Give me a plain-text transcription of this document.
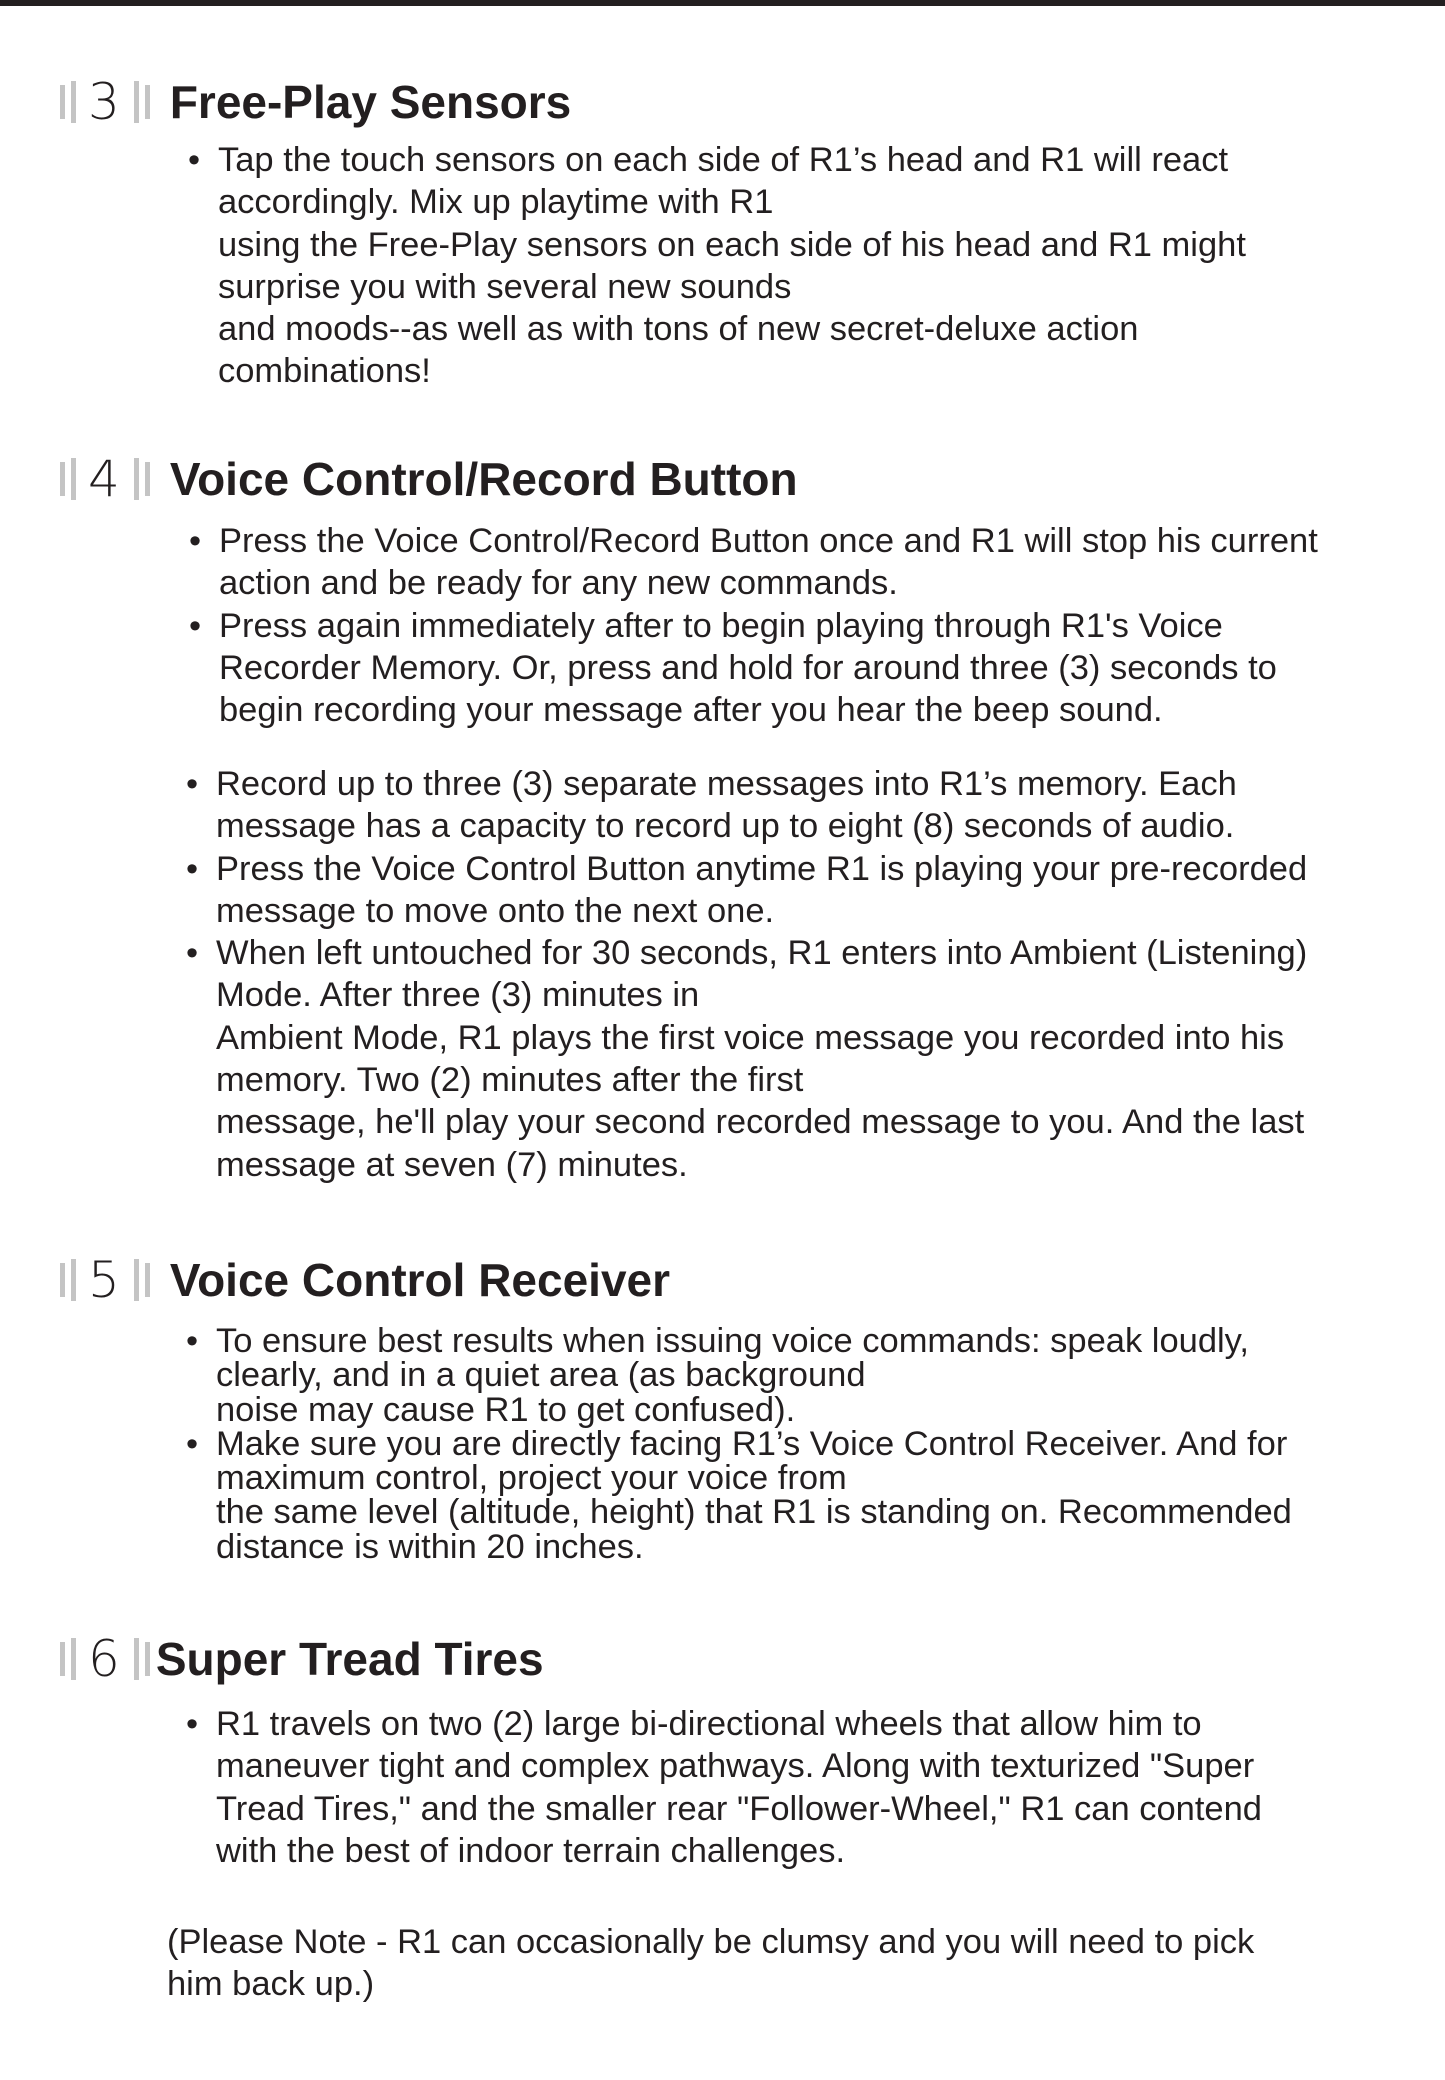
3 Free-Play Sensors
• Tap the touch sensors on each side of R1’s head and R1 will react
accordingly. Mix up playtime with R1
using the Free-Play sensors on each side of his head and R1 might
surprise you with several new sounds
and moods--as well as with tons of new secret-deluxe action
combinations!
4 Voice Control/Record Button
• Press the Voice Control/Record Button once and R1 will stop his current
action and be ready for any new commands.
• Press again immediately after to begin playing through R1's Voice
Recorder Memory. Or, press and hold for around three (3) seconds to
begin recording your message after you hear the beep sound.
• Record up to three (3) separate messages into R1’s memory. Each
message has a capacity to record up to eight (8) seconds of audio.
• Press the Voice Control Button anytime R1 is playing your pre-recorded
message to move onto the next one.
• When left untouched for 30 seconds, R1 enters into Ambient (Listening)
Mode. After three (3) minutes in
Ambient Mode, R1 plays the first voice message you recorded into his
memory. Two (2) minutes after the first
message, he'll play your second recorded message to you. And the last
message at seven (7) minutes.
5 Voice Control Receiver
• To ensure best results when issuing voice commands: speak loudly,
clearly, and in a quiet area (as background
noise may cause R1 to get confused).
• Make sure you are directly facing R1’s Voice Control Receiver. And for
maximum control, project your voice from
the same level (altitude, height) that R1 is standing on. Recommended
distance is within 20 inches.
6 Super Tread Tires
• R1 travels on two (2) large bi-directional wheels that allow him to
maneuver tight and complex pathways. Along with texturized "Super
Tread Tires," and the smaller rear "Follower-Wheel," R1 can contend
with the best of indoor terrain challenges.
(Please Note - R1 can occasionally be clumsy and you will need to pick
him back up.)
